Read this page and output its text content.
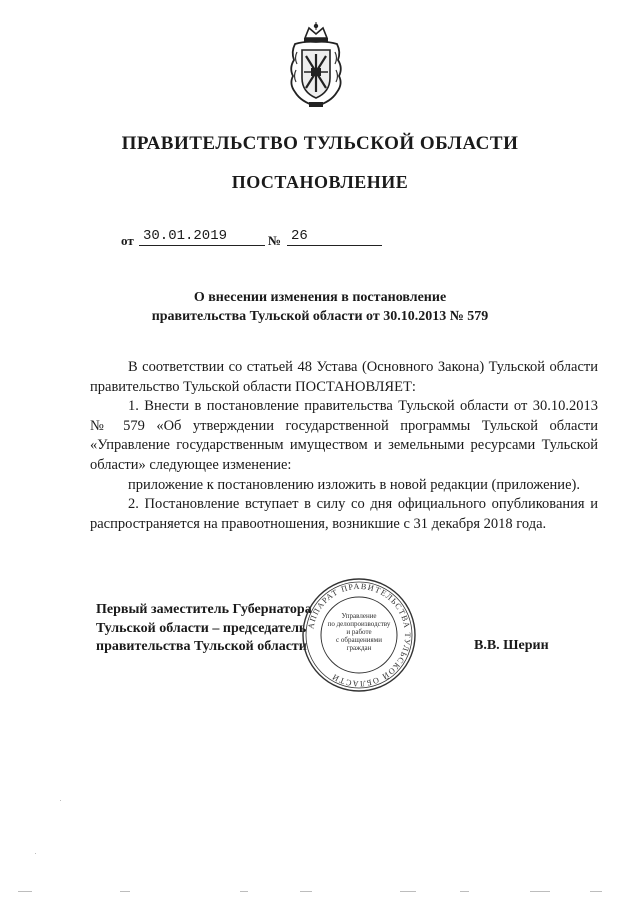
ПРАВИТЕЛЬСТВО ТУЛЬСКОЙ ОБЛАСТИ
ПОСТАНОВЛЕНИЕ
от 30.01.2019	№ 26
О внесении изменения в постановление
правительства Тульской области от 30.10.2013 № 579

В соответствии со статьей 48 Устава (Основного Закона) Тульской области правительство Тульской области ПОСТАНОВЛЯЕТ:

1. Внести в постановление правительства Тульской области от 30.10.2013 № 579 «Об утверждении государственной программы Тульской области «Управление государственным имуществом и земельными ресурсами Тульской области» следующее изменение:

приложение к постановлению изложить в новой редакции (приложение).

2. Постановление вступает в силу со дня официального опубликования и распространяется на правоотношения, возникшие с 31 декабря 2018 года.

Первый заместитель Губернатора
Тульской области – председатель
правительства Тульской области	В.В. Шерин
АППАРАТ ПРАВИТЕЛЬСТВА ТУЛЬСКОЙ ОБЛАСТИ
Управление
по делопроизводству
и работе
с обращениями
граждан
